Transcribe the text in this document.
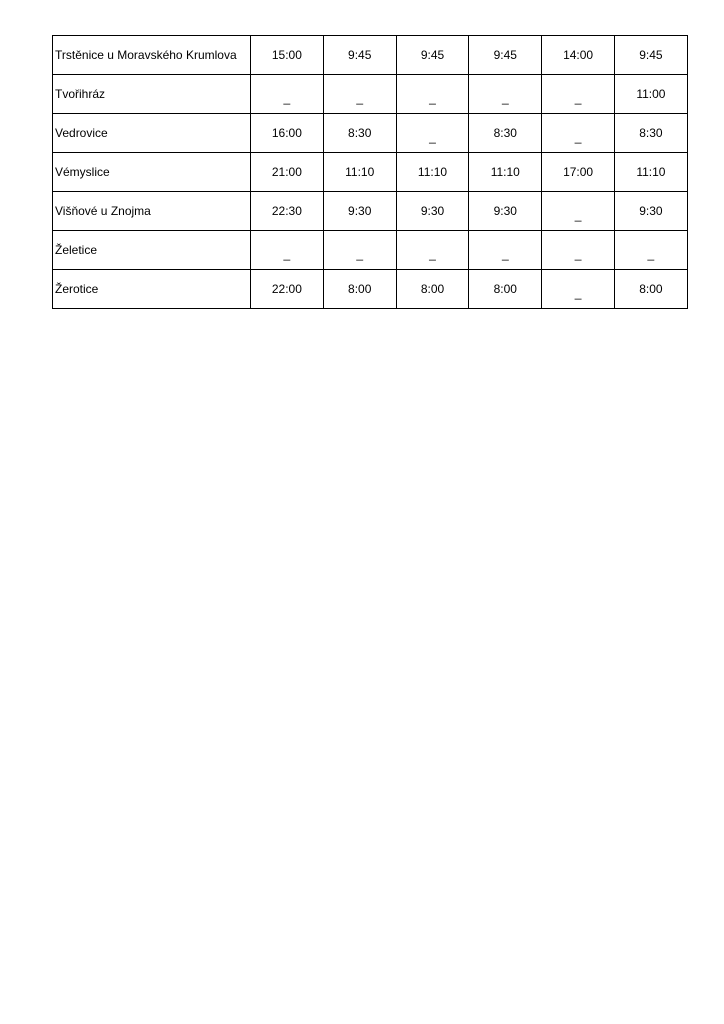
Trstěnice u Moravského Krumlova	15:00	9:45	9:45	9:45	14:00	9:45
Tvořihráz	_	_	_	_	_	11:00
Vedrovice	16:00	8:30	_	8:30	_	8:30
Vémyslice	21:00	11:10	11:10	11:10	17:00	11:10
Višňové u Znojma	22:30	9:30	9:30	9:30	_	9:30
Želetice	_	_	_	_	_	_
Žerotice	22:00	8:00	8:00	8:00	_	8:00
